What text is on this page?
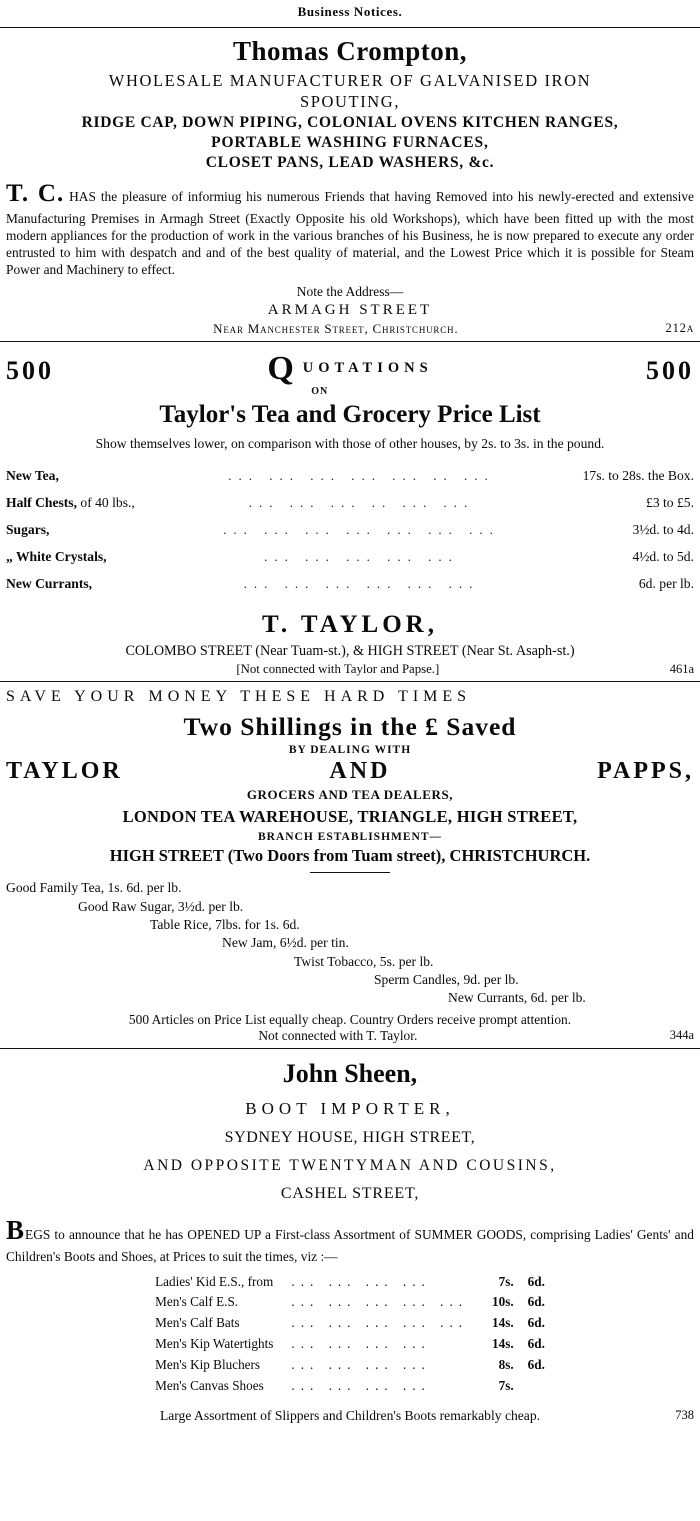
Business Notices.
Thomas Crompton,
WHOLESALE MANUFACTURER OF GALVANISED IRON
SPOUTING,
RIDGE CAP, DOWN PIPING, COLONIAL OVENS KITCHEN RANGES,
PORTABLE WASHING FURNACES,
CLOSET PANS, LEAD WASHERS, &c.
T. C. HAS the pleasure of informiug his numerous Friends that having Removed into his newly-erected and extensive Manufacturing Premises in Armagh Street (Exactly Opposite his old Workshops), which have been fitted up with the most modern appliances for the production of work in the various branches of his Business, he is now prepared to execute any order entrusted to him with despatch and and of the best quality of material, and the Lowest Price which it is possible for Steam Power and Machinery to effect.
Note the Address—
ARMAGH STREET
Near Manchester Street, Christchurch.	212a
500	Q UOTATIONS
ON
500
Taylor's Tea and Grocery Price List
Show themselves lower, on comparison with those of other houses, by 2s. to 3s. in the pound.
New Tea,	... ... ... ... ... .. ...	17s. to 28s. the Box.
Half Chests, of 40 lbs.,	... ... ... .. ... ...	£3 to £5.
Sugars,	... ... ... ... ... ... ...	3½d. to 4d.
„ White Crystals,	... ... ... ... ...	4½d. to 5d.
New Currants,	... ... ... ... ... ...	6d. per lb.
T. TAYLOR,
COLOMBO STREET (Near Tuam-st.), & HIGH STREET (Near St. Asaph-st.)
[Not connected with Taylor and Papse.]	461a
SAVE YOUR MONEY THESE HARD TIMES
Two Shillings in the £ Saved
BY DEALING WITH
TAYLOR	AND	PAPPS,
GROCERS AND TEA DEALERS,
LONDON TEA WAREHOUSE, TRIANGLE, HIGH STREET,
BRANCH ESTABLISHMENT—
HIGH STREET (Two Doors from Tuam street), CHRISTCHURCH.
Good Family Tea, 1s. 6d. per lb.
Good Raw Sugar, 3½d. per lb.
Table Rice, 7lbs. for 1s. 6d.
New Jam, 6½d. per tin.
Twist Tobacco, 5s. per lb.
Sperm Candles, 9d. per lb.
New Currants, 6d. per lb.
500 Articles on Price List equally cheap. Country Orders receive prompt attention.
Not connected with T. Taylor.	344a
John Sheen,
BOOT IMPORTER,
SYDNEY HOUSE, HIGH STREET,
AND OPPOSITE TWENTYMAN AND COUSINS,
CASHEL STREET,
BEGS to announce that he has OPENED UP a First-class Assortment of SUMMER GOODS, comprising Ladies' Gents' and Children's Boots and Shoes, at Prices to suit the times, viz :—
Ladies' Kid E.S., from	... ... ... ...	7s.	6d.
Men's Calf E.S.	... ... ... ... ...	10s.	6d.
Men's Calf Bats	... ... ... ... ...	14s.	6d.
Men's Kip Watertights	... ... ... ...	14s.	6d.
Men's Kip Bluchers	... ... ... ...	8s.	6d.
Men's Canvas Shoes	... ... ... ...	7s.	
Large Assortment of Slippers and Children's Boots remarkably cheap.	738
